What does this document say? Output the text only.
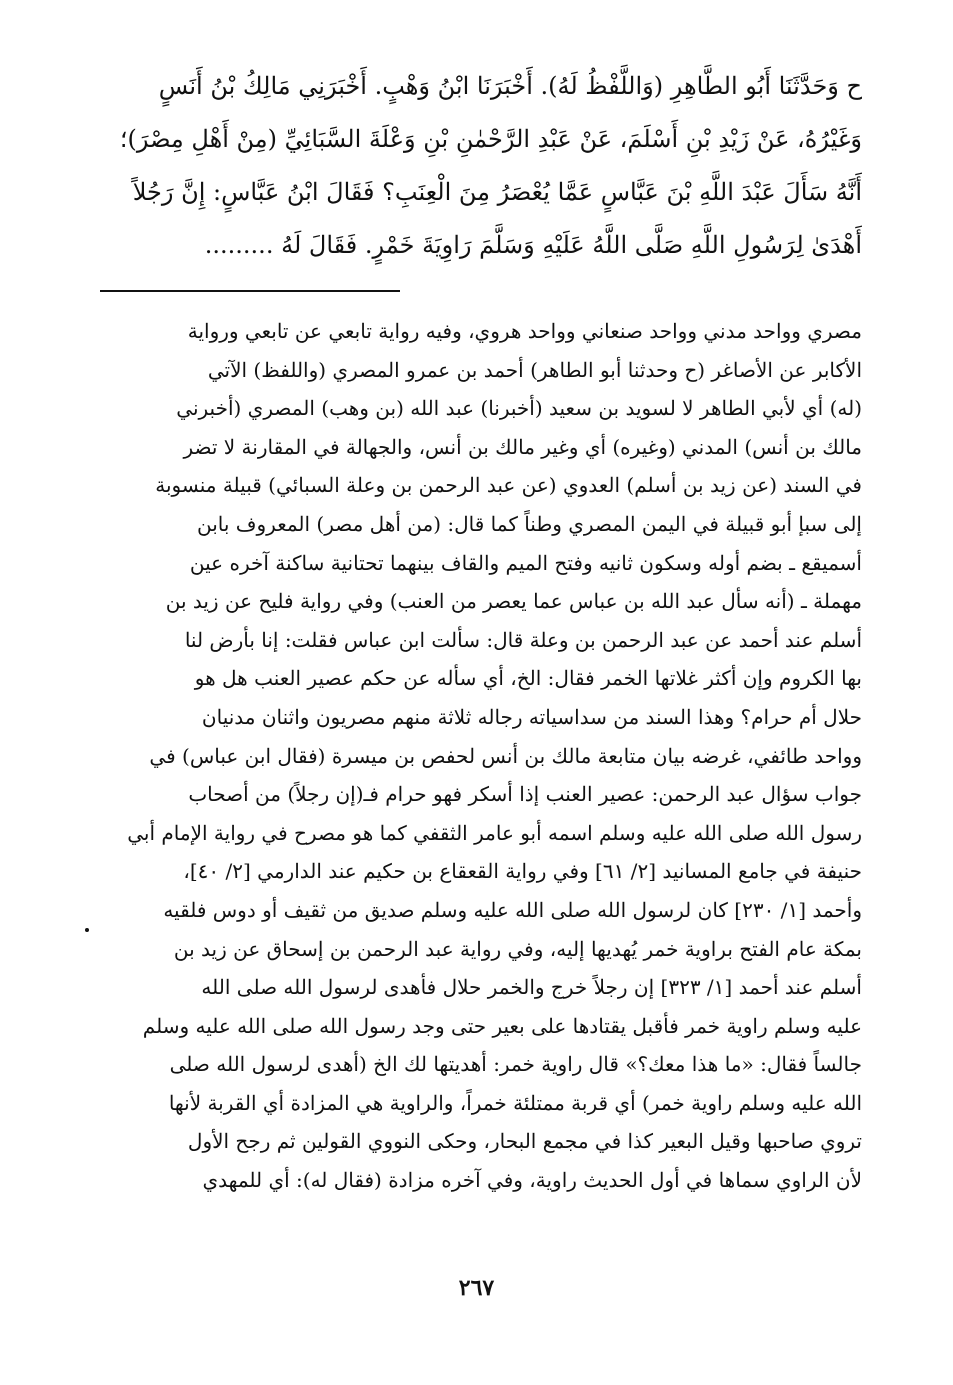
ح وَحَدَّثَنَا أَبُو الطَّاهِرِ (وَاللَّفْظُ لَهُ). أَخْبَرَنَا ابْنُ وَهْبٍ. أَخْبَرَنِي مَالِكُ بْنُ أَنَسٍ
وَغَيْرُهُ، عَنْ زَيْدِ بْنِ أَسْلَمَ، عَنْ عَبْدِ الرَّحْمٰنِ بْنِ وَعْلَةَ السَّبَائِيِّ (مِنْ أَهْلِ مِصْرَ)؛
أَنَّهُ سَأَلَ عَبْدَ اللَّهِ بْنَ عَبَّاسٍ عَمَّا يُعْصَرُ مِنَ الْعِنَبِ؟ فَقَالَ ابْنُ عَبَّاسٍ: إِنَّ رَجُلاً
أَهْدَىٰ لِرَسُولِ اللَّهِ صَلَّى اللَّهُ عَلَيْهِ وَسَلَّمَ رَاوِيَةَ خَمْرٍ. فَقَالَ لَهُ .........
مصري وواحد مدني وواحد صنعاني وواحد هروي، وفيه رواية تابعي عن تابعي ورواية
الأكابر عن الأصاغر (ح وحدثنا أبو الطاهر) أحمد بن عمرو المصري (واللفظ) الآتي
(له) أي لأبي الطاهر لا لسويد بن سعيد (أخبرنا) عبد الله (بن وهب) المصري (أخبرني
مالك بن أنس) المدني (وغيره) أي وغير مالك بن أنس، والجهالة في المقارنة لا تضر
في السند (عن زيد بن أسلم) العدوي (عن عبد الرحمن بن وعلة السبائي) قبيلة منسوبة
إلى سبإ أبو قبيلة في اليمن المصري وطناً كما قال: (من أهل مصر) المعروف بابن
أسميقع ـ بضم أوله وسكون ثانيه وفتح الميم والقاف بينهما تحتانية ساكنة آخره عين
مهملة ـ (أنه سأل عبد الله بن عباس عما يعصر من العنب) وفي رواية فليح عن زيد بن
أسلم عند أحمد عن عبد الرحمن بن وعلة قال: سألت ابن عباس فقلت: إنا بأرض لنا
بها الكروم وإن أكثر غلاتها الخمر فقال: الخ، أي سأله عن حكم عصير العنب هل هو
حلال أم حرام؟ وهذا السند من سداسياته رجاله ثلاثة منهم مصريون واثنان مدنيان
وواحد طائفي، غرضه بيان متابعة مالك بن أنس لحفص بن ميسرة (فقال ابن عباس) في
جواب سؤال عبد الرحمن: عصير العنب إذا أسكر فهو حرام فـ(إن رجلاً) من أصحاب
رسول الله صلى الله عليه وسلم اسمه أبو عامر الثقفي كما هو مصرح في رواية الإمام أبي
حنيفة في جامع المسانيد [٢/ ٦١] وفي رواية القعقاع بن حكيم عند الدارمي [٢/ ٤٠]،
وأحمد [١/ ٢٣٠] كان لرسول الله صلى الله عليه وسلم صديق من ثقيف أو دوس فلقيه
بمكة عام الفتح براوية خمر يُهديها إليه، وفي رواية عبد الرحمن بن إسحاق عن زيد بن
أسلم عند أحمد [١/ ٣٢٣] إن رجلاً خرج والخمر حلال فأهدى لرسول الله صلى الله
عليه وسلم راوية خمر فأقبل يقتادها على بعير حتى وجد رسول الله صلى الله عليه وسلم
جالساً فقال: «ما هذا معك؟» قال راوية خمر: أهديتها لك الخ (أهدى لرسول الله صلى
الله عليه وسلم راوية خمر) أي قربة ممتلئة خمراً، والراوية هي المزادة أي القربة لأنها
تروي صاحبها وقيل البعير كذا في مجمع البحار، وحكى النووي القولين ثم رجح الأول
لأن الراوي سماها في أول الحديث راوية، وفي آخره مزادة (فقال له): أي للمهدي
٢٦٧
